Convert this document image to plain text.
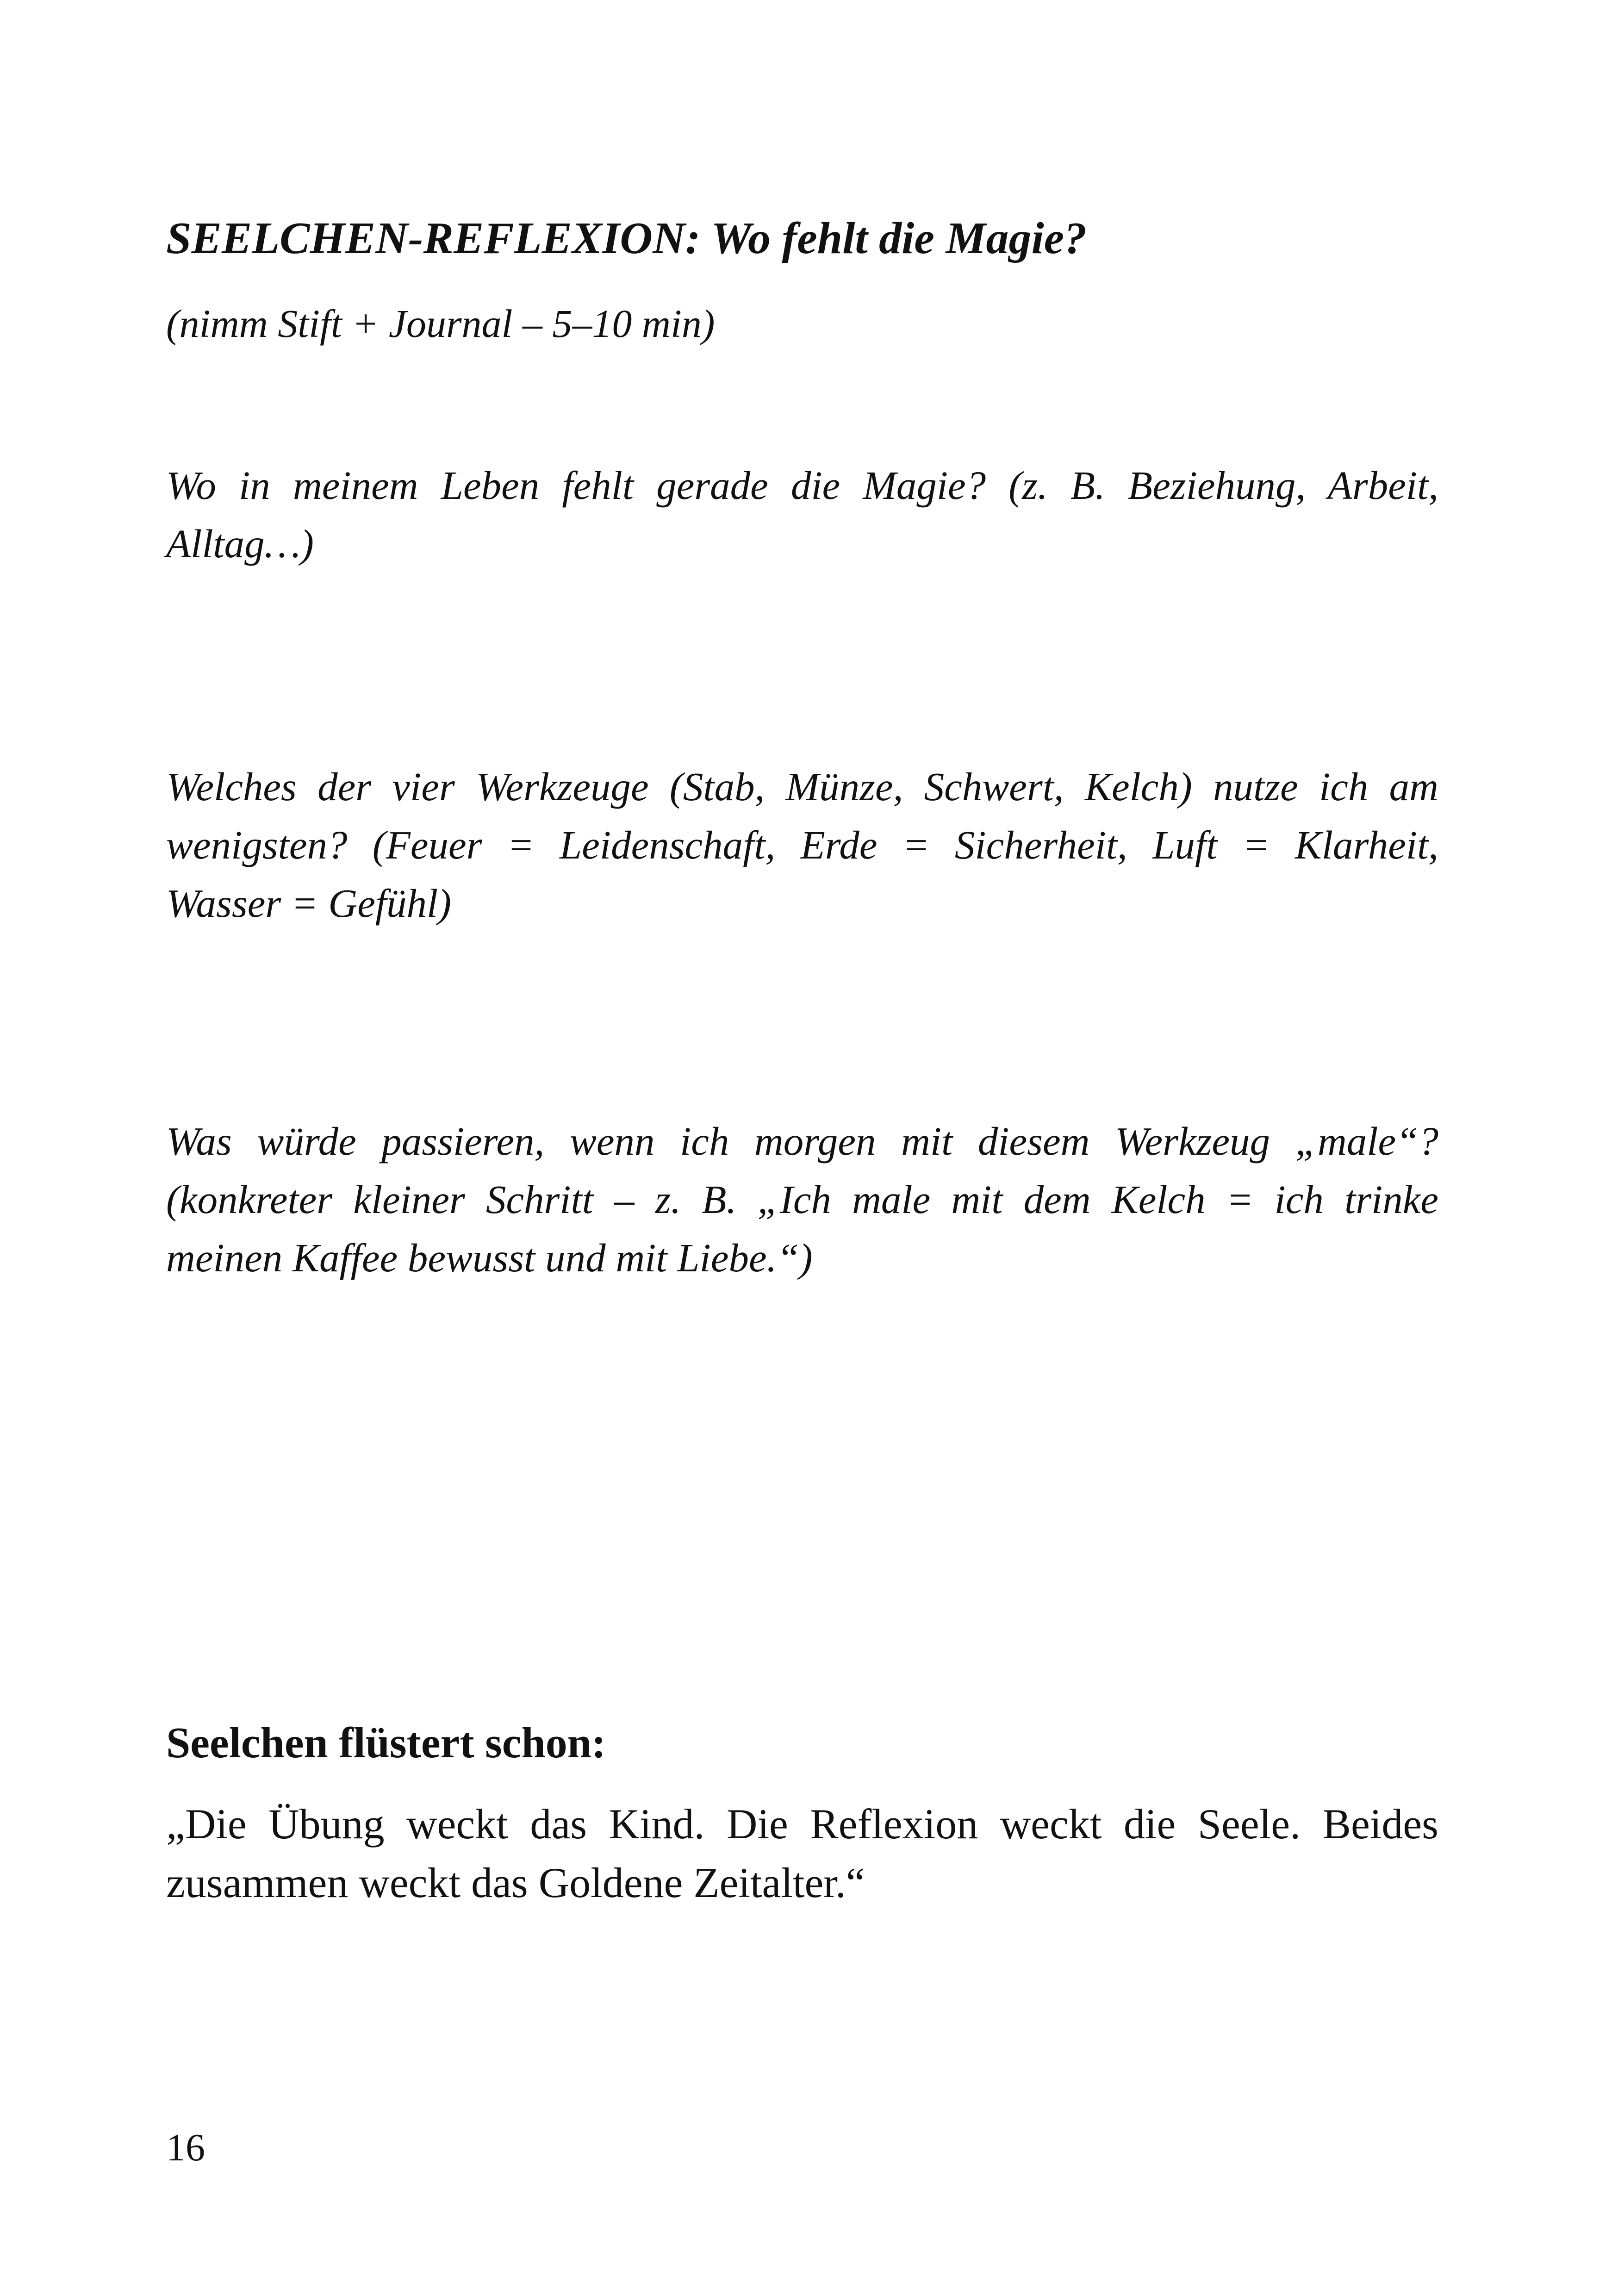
SEELCHEN-REFLEXION: Wo fehlt die Magie?
(nimm Stift + Journal – 5–10 min)
Wo in meinem Leben fehlt gerade die Magie? (z. B. Beziehung, Arbeit,
Alltag…)
Welches der vier Werkzeuge (Stab, Münze, Schwert, Kelch) nutze ich am
wenigsten? (Feuer = Leidenschaft, Erde = Sicherheit, Luft = Klarheit,
Wasser = Gefühl)
Was würde passieren, wenn ich morgen mit diesem Werkzeug „male“?
(konkreter kleiner Schritt – z. B. „Ich male mit dem Kelch = ich trinke
meinen Kaffee bewusst und mit Liebe.“)
Seelchen flüstert schon:
„Die Übung weckt das Kind. Die Reflexion weckt die Seele. Beides
zusammen weckt das Goldene Zeitalter.“
16
